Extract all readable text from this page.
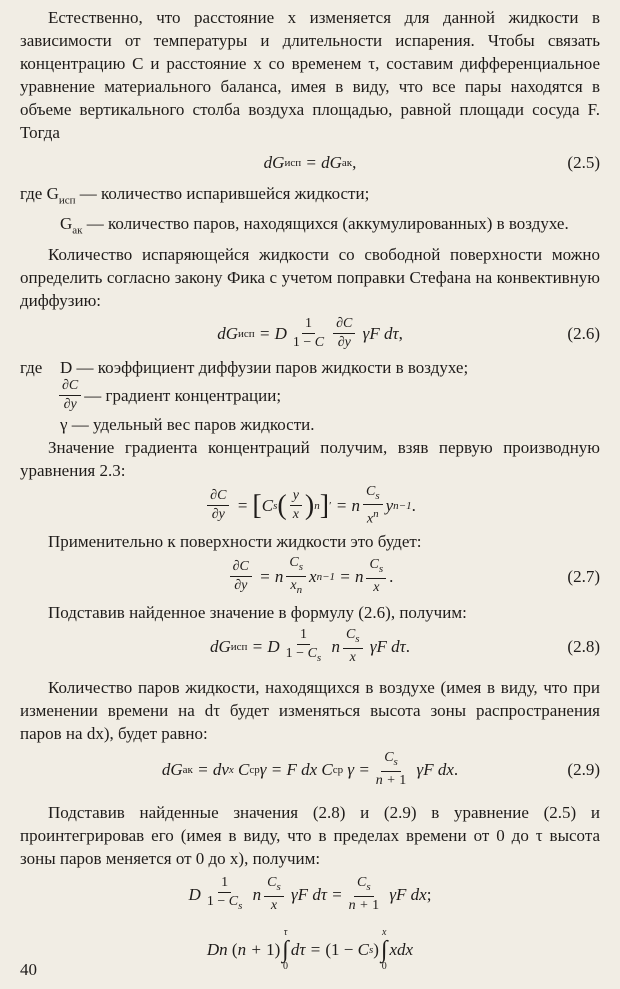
Естественно, что расстояние x изменяется для данной жидкости в зависимости от температуры и длительности испарения. Чтобы связать концентрацию C и расстояние x со временем τ, составим дифференциальное уравнение материального баланса, имея в виду, что все пары находятся в объеме вертикального столба воздуха площадью, равной площади сосуда F. Тогда

dG исп = dG ак ,	(2.5)
где $G_{исп}$ — количество испарившейся жидкости;
$G_{ак}$ — количество паров, находящихся (аккумулированных) в воздухе.

Количество испаряющейся жидкости со свободной поверхности можно определить согласно закону Фика с учетом поправки Стефана на конвективную диффузию:

dG исп = D $\frac{1}{1 - C} \frac{\partial C}{\partial y}$ γF dτ ,	(2.6)
где	D — коэффициент диффузии паров жидкости в воздухе;
$\frac{\partial C}{\partial y}$ — градиент концентрации;
γ — удельный вес паров жидкости.

Значение градиента концентраций получим, взяв первую производную уравнения 2.3:

$\frac{\partial C}{\partial y}$ = [ C s ( $\frac{y}{x}$ ) n ] ′ = n $\frac{C_s}{x^n}$ y n−1 .

Применительно к поверхности жидкости это будет:

$\frac{\partial C}{\partial y} = n \frac{C_s}{x_n}$ x n−1 = n $\frac{C_s}{x}$ .	(2.7)

Подставив найденное значение в формулу (2.6), получим:

dG исп = D $\frac{1}{1 - C_s}$ n $\frac{C_s}{x}$ γF dτ .	(2.8)

Количество паров жидкости, находящихся в воздухе (имея в виду, что при изменении времени на dτ будет изменяться высота зоны распространения паров на dx), будет равно:

dG ак = dv x C ср γ = F dx C ср $\gamma = \frac{C_s}{n + 1}$ γF dx .	(2.9)

Подставив найденные значения (2.8) и (2.9) в уравнение (2.5) и проинтегрировав его (имея в виду, что в пределах времени от 0 до τ высота зоны паров меняется от 0 до x), получим:

D $\frac{1}{1 - C_s}$ n $\frac{C_s}{x}$ γF $d\tau = \frac{C_s}{n + 1}$ γF dx ;
Dn ( n + 1)
τ
∫
0
dτ = (1 − C s )
x
∫
0
xdx
40
